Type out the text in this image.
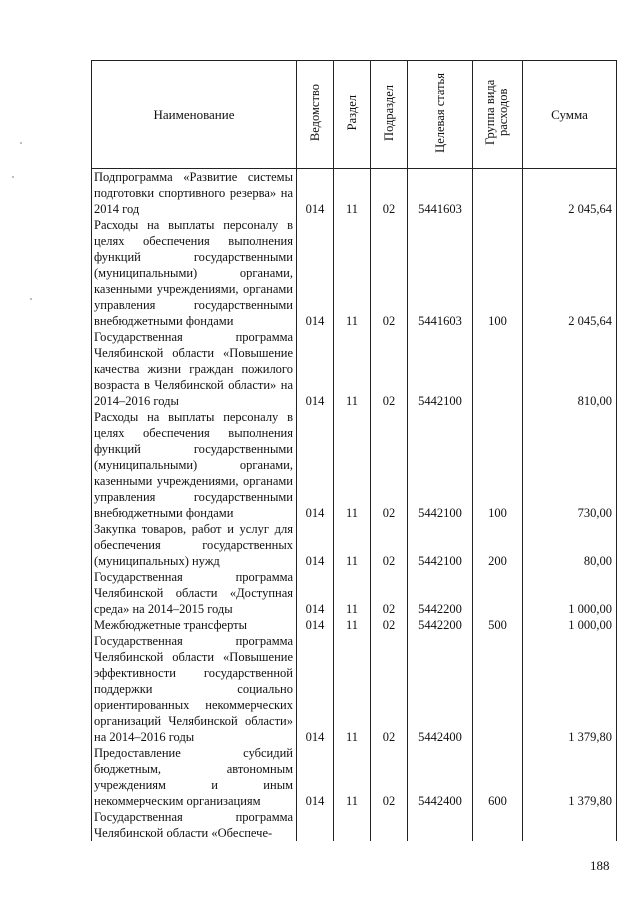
Наименование	Ведомство	Раздел	Подраздел	Целевая статья	Группа вида расходов	Сумма
Подпрограмма «Развитие системы подготовки спортивного резерва» на 2014 год	014	11	02	5441603		2 045,64
Расходы на выплаты персоналу в целях обеспечения выполнения функций государственными (муниципальными) органами, казенными учреждениями, органами управления государственными внебюджетными фондами	014	11	02	5441603	100	2 045,64
Государственная программа Челябинской области «Повышение качества жизни граждан пожилого возраста в Челябинской области» на 2014–2016 годы	014	11	02	5442100		810,00
Расходы на выплаты персоналу в целях обеспечения выполнения функций государственными (муниципальными) органами, казенными учреждениями, органами управления государственными внебюджетными фондами	014	11	02	5442100	100	730,00
Закупка товаров, работ и услуг для обеспечения государственных (муниципальных) нужд	014	11	02	5442100	200	80,00
Государственная программа Челябинской области «Доступная среда» на 2014–2015 годы	014	11	02	5442200		1 000,00
Межбюджетные трансферты	014	11	02	5442200	500	1 000,00
Государственная программа Челябинской области «Повышение эффективности государственной поддержки социально ориентированных некоммерческих организаций Челябинской области» на 2014–2016 годы	014	11	02	5442400		1 379,80
Предоставление субсидий бюджетным, автономным учреждениям и иным некоммерческим организациям	014	11	02	5442400	600	1 379,80
Государственная программа Челябинской области «Обеспече-						
188
